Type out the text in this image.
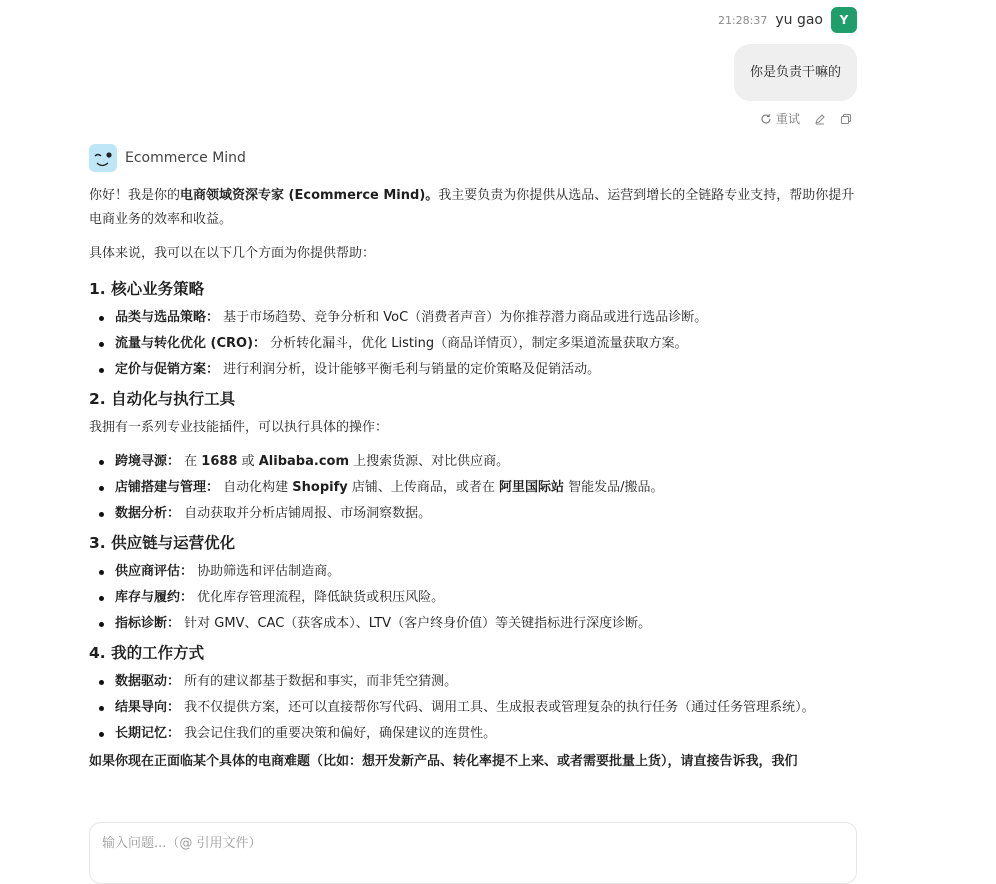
21:28:37 yu gao	Y
你是负责干嘛的
重试
Ecommerce Mind

你好！我是你的电商领域资深专家 (Ecommerce Mind)。我主要负责为你提供从选品、运营到增长的全链路专业支持，帮助你提升电商业务的效率和收益。

具体来说，我可以在以下几个方面为你提供帮助：

1. 核心业务策略
品类与选品策略： 基于市场趋势、竞争分析和 VoC（消费者声音）为你推荐潜力商品或进行选品诊断。
流量与转化优化 (CRO)： 分析转化漏斗，优化 Listing（商品详情页），制定多渠道流量获取方案。
定价与促销方案： 进行利润分析，设计能够平衡毛利与销量的定价策略及促销活动。
2. 自动化与执行工具

我拥有一系列专业技能插件，可以执行具体的操作：

跨境寻源： 在 1688 或 Alibaba.com 上搜索货源、对比供应商。
店铺搭建与管理： 自动化构建 Shopify 店铺、上传商品，或者在 阿里国际站 智能发品/搬品。
数据分析： 自动获取并分析店铺周报、市场洞察数据。
3. 供应链与运营优化
供应商评估： 协助筛选和评估制造商。
库存与履约： 优化库存管理流程，降低缺货或积压风险。
指标诊断： 针对 GMV、CAC（获客成本）、LTV（客户终身价值）等关键指标进行深度诊断。
4. 我的工作方式
数据驱动： 所有的建议都基于数据和事实，而非凭空猜测。
结果导向： 我不仅提供方案，还可以直接帮你写代码、调用工具、生成报表或管理复杂的执行任务（通过任务管理系统）。
长期记忆： 我会记住我们的重要决策和偏好，确保建议的连贯性。

如果你现在正面临某个具体的电商难题（比如：想开发新产品、转化率提不上来、或者需要批量上货），请直接告诉我，我们

输入问题...（@ 引用文件）
